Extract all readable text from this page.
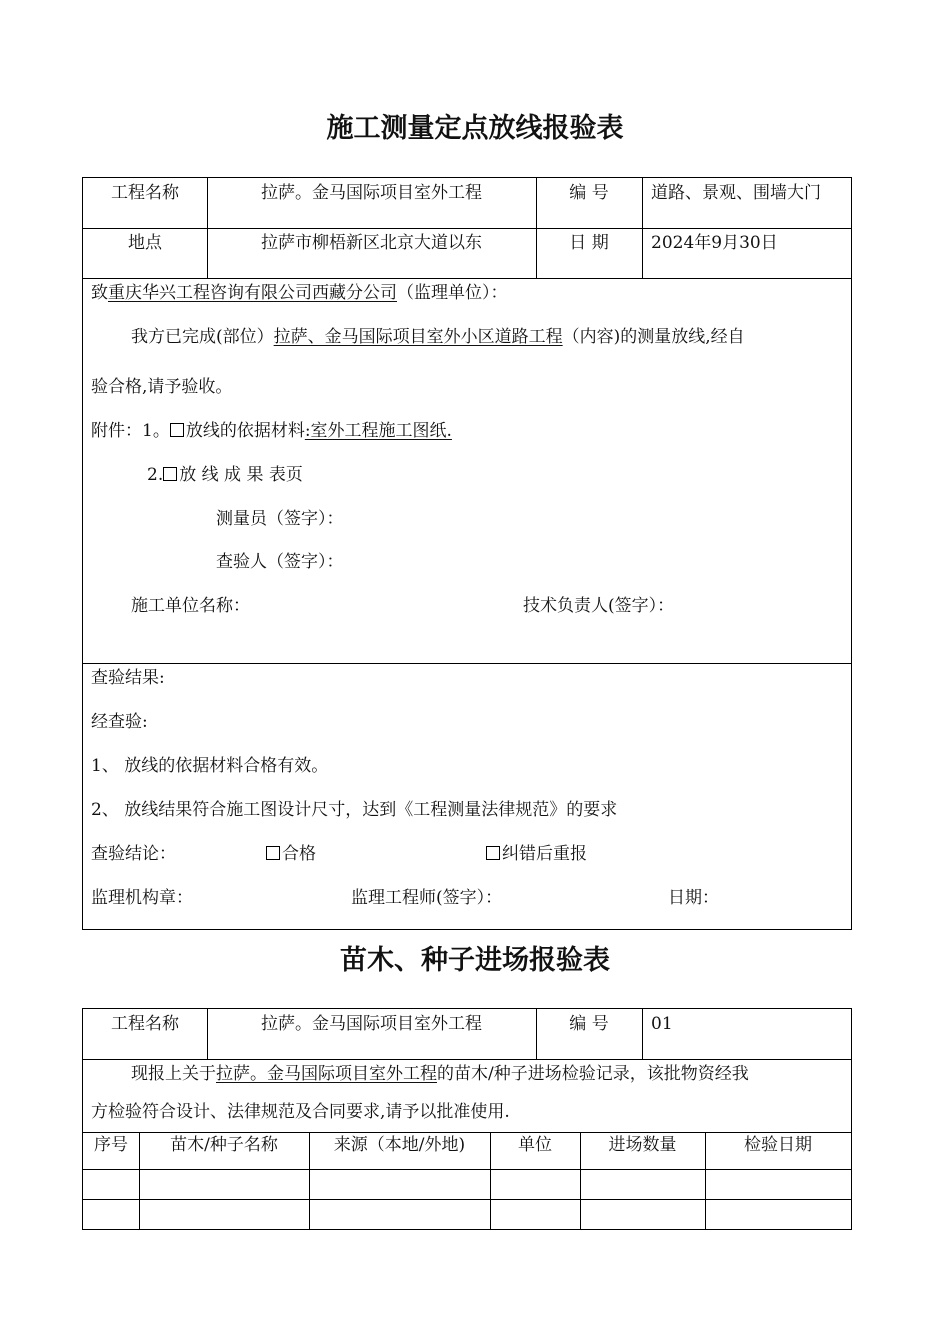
施工测量定点放线报验表
工程名称	拉萨。金马国际项目室外工程	编 号	道路、景观、围墙大门
地点	拉萨市柳梧新区北京大道以东	日 期	2024年9月30日
致重庆华兴工程咨询有限公司西藏分公司（监理单位）：
我方已完成(部位）拉萨、金马国际项目室外小区道路工程（内容)的测量放线,经自
验合格,请予验收。
附件：1。 放线的依据材料:室外工程施工图纸.
2. 放 线 成 果 表页
测量员（签字）：
查验人（签字）：
施工单位名称：	技术负责人(签字）：
查验结果:
经查验:
1、 放线的依据材料合格有效。
2、 放线结果符合施工图设计尺寸，达到《工程测量法律规范》的要求
查验结论：	合格	纠错后重报
监理机构章：	监理工程师(签字）：	日期：
苗木、种子进场报验表
工程名称	拉萨。金马国际项目室外工程	编 号	01
现报上关于拉萨。金马国际项目室外工程的苗木/种子进场检验记录，该批物资经我
方检验符合设计、法律规范及合同要求,请予以批准使用.
序号	苗木/种子名称	来源（本地/外地)	单位	进场数量	检验日期
